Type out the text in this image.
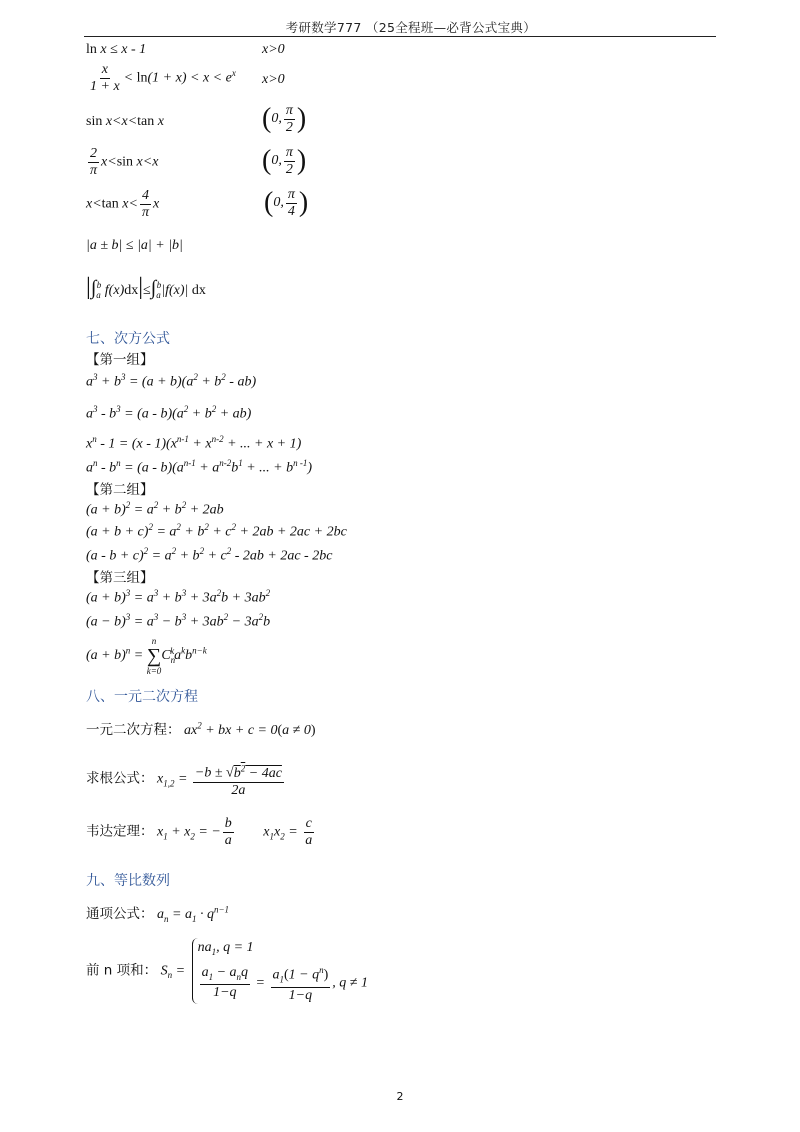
考研数学777 （25全程班—必背公式宝典）
ln x ≤ x - 1	x>0
$\frac{x}{1 + x} < \ln(1 + x) < x < e^x$ x>0
sin x<x<tan x	(0, $\frac{\pi}{2}$ )
$\frac{2}{\pi} x<\sin$ x<x	(0, $\frac{\pi}{2}$ )
x<tan $x< \frac{4}{\pi}$ x	(0, $\frac{\pi}{4}$ )
|a ± b| ≤ |a| + |b|
$|\int_a^b$ $f(x)dx|\le\int_a^b|f(x)|$ dx
七、次方公式
【第一组】
$a^3 + b^3 = (a + b)(a^2 + b^2 - ab)$
$a^3 - b^3 = (a - b)(a^2 + b^2 + ab)$
$x^n - 1 = (x - 1)(x^{n-1} + x^{n-2}$ + ... + x + 1)
$a^n - b^n = (a - b)(a^{n-1} + a^{n-2}b^1$ + ... + $b^{n -1}$)
【第二组】
$(a + b)^2 = a^2 + b^2 + 2ab$
$(a + b + c)^2 = a^2 + b^2 + c^2 + 2ab + 2ac + 2bc$
$(a - b + c)^2 = a^2 + b^2 + c^2 - 2ab + 2ac - 2bc$
【第三组】
$(a + b)^3 = a^3 + b^3 + 3a^2b + 3ab^2$
$(a - b)^3 = a^3 - b^3 + 3ab^2 - 3a^2b$
$(a + b)^n$ =
n
∑
k=0
$C_n^ka^kb^{n-k}$
八、一元二次方程
一元二次方程： $ax^2$ + bx + c = 0(a ≠ 0)
求根公式： $x_{1,2} = \frac{-b \pm √b^2 - 4ac}{2a}$
韦达定理： $x_1 + x_2$ = − $\frac{b}{a} x_1x_2 = \frac{c}{a}$
九、等比数列
通项公式： $a_n = a_1 \cdot q^{n-1}$
前 n 项和： $S_n$ =
$na_1$, q = 1
$\frac{a_1 - a_nq}{1-q} = \frac{a_1(1 - q^n)}{1-q}$ , q ≠ 1
2
